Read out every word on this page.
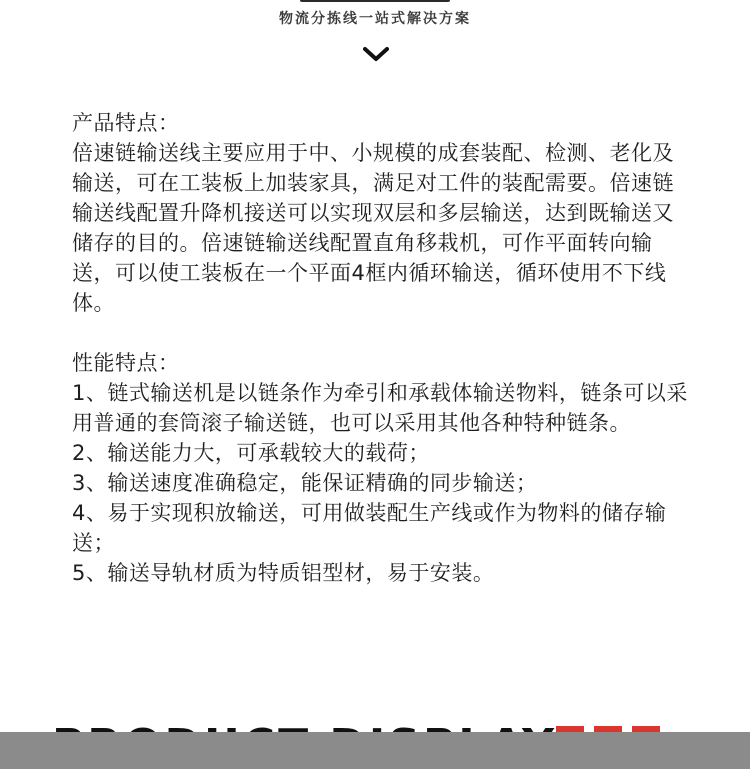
物流分拣线一站式解决方案

产品特点：

倍速链输送线主要应用于中、小规模的成套装配、检测、老化及输送，可在工装板上加装家具，满足对工件的装配需要。倍速链输送线配置升降机接送可以实现双层和多层输送，达到既输送又储存的目的。倍速链输送线配置直角移栽机，可作平面转向输送，可以使工装板在一个平面4框内循环输送，循环使用不下线体。

性能特点：

1、链式输送机是以链条作为牵引和承载体输送物料，链条可以采用普通的套筒滚子输送链，也可以采用其他各种特种链条。

2、输送能力大，可承载较大的载荷；

3、输送速度准确稳定，能保证精确的同步输送；

4、易于实现积放输送，可用做装配生产线或作为物料的储存输送；

5、输送导轨材质为特质铝型材，易于安装。
